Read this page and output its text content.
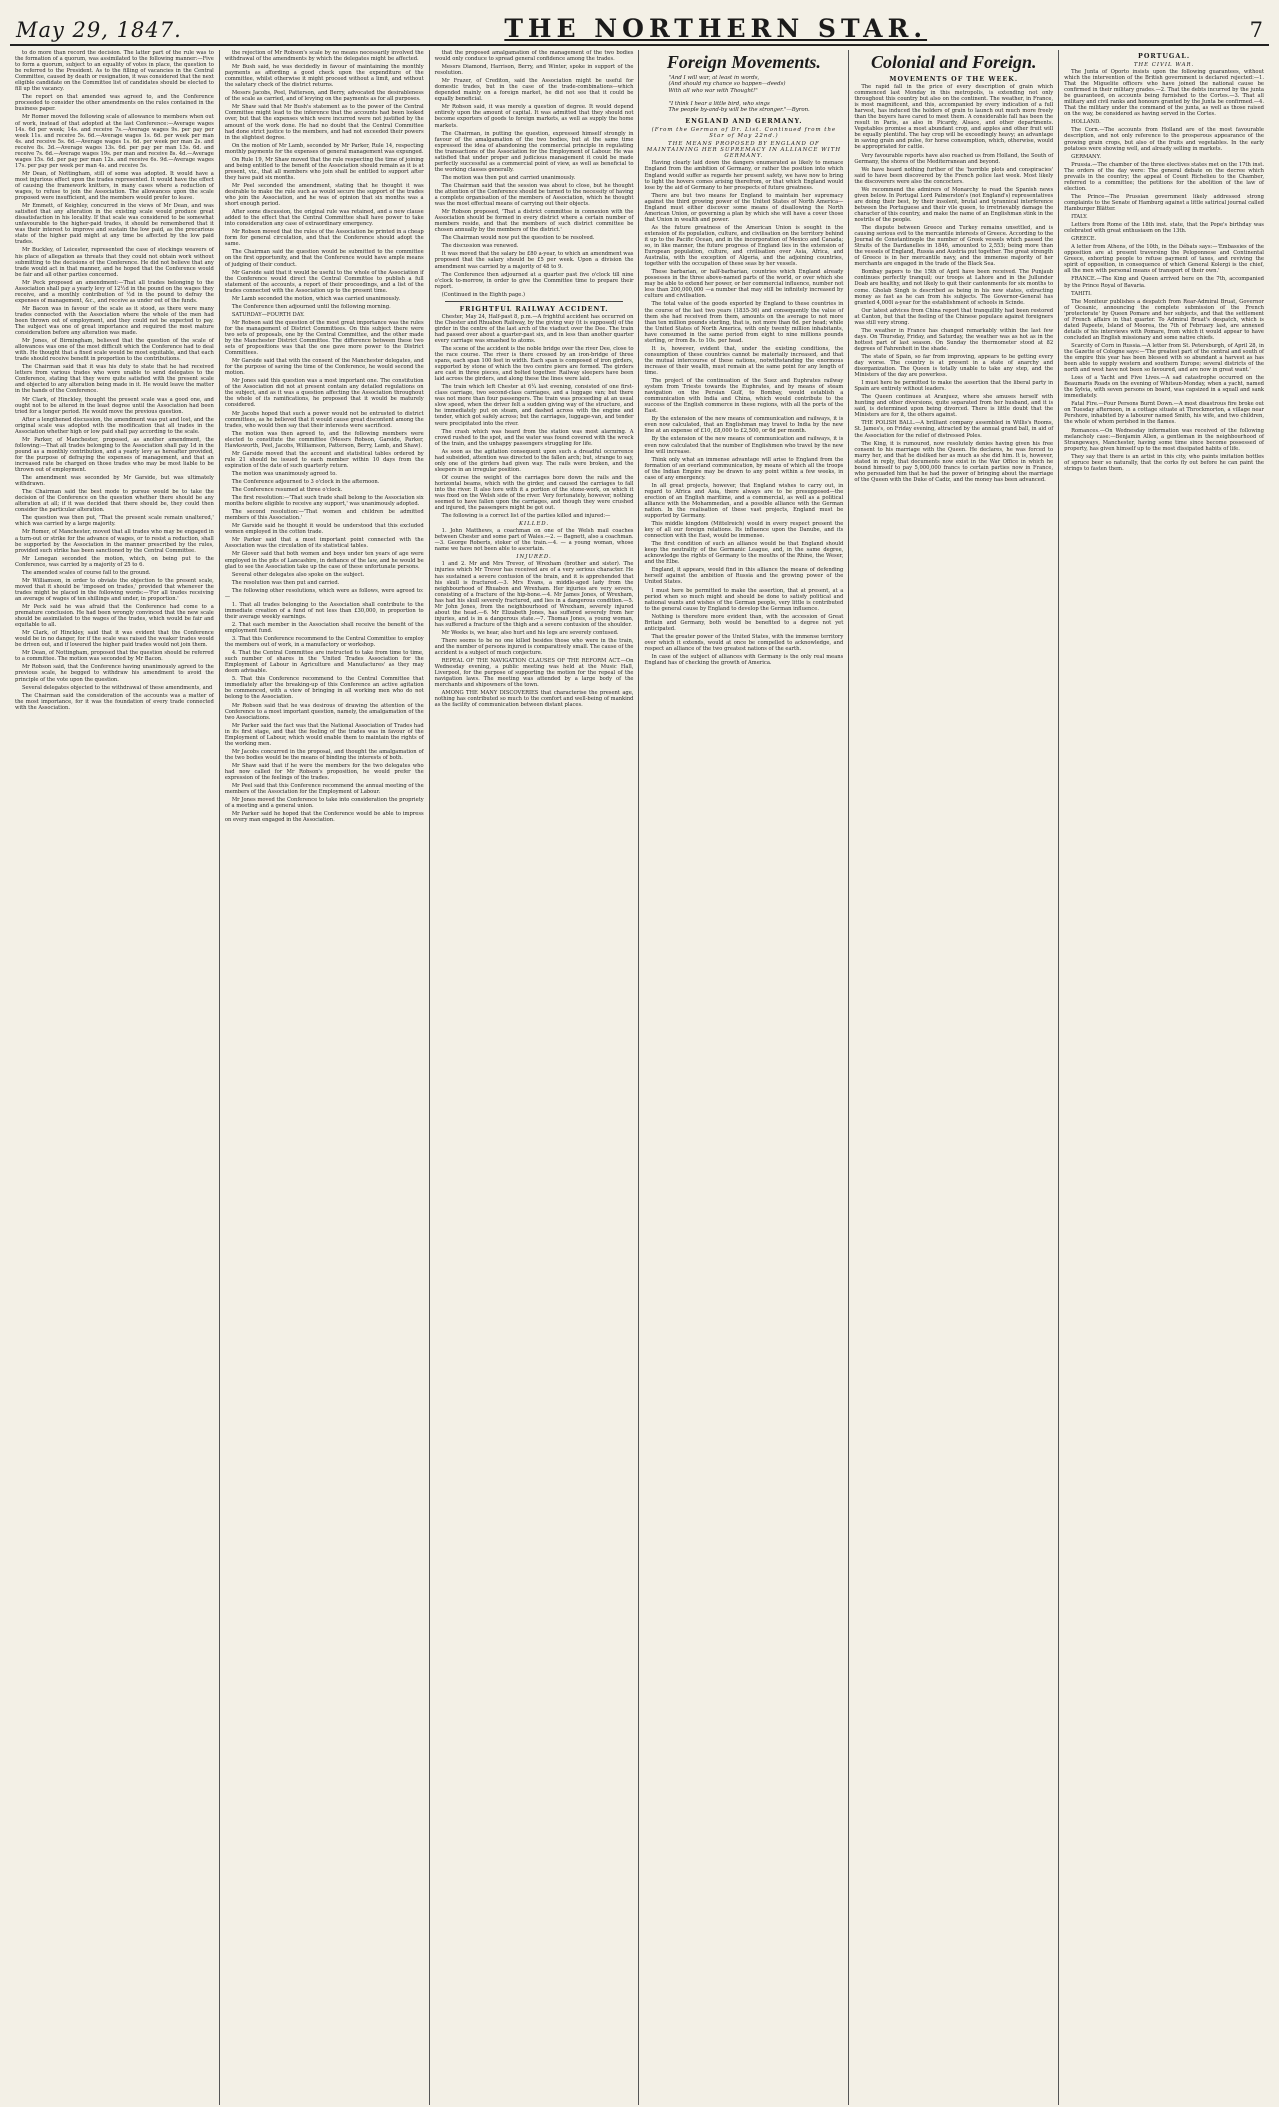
May 29, 1847.	THE NORTHERN STAR.	7

to do more than record the decision. The latter part of the rule was to the formation of a quorum, was assimilated to the following manner:—Five to form a quorum, subject to an equality of votes in place, the question to be referred to the President. As to the filling of vacancies in the Central Committee, caused by death or resignation, it was considered that the next eligible candidate on the Committee list of candidates should be elected to fill up the vacancy.

The report on that amended was agreed to, and the Conference proceeded to consider the other amendments on the rules contained in the business paper.

Mr Romer moved the following scale of allowance to members when out of work, instead of that adopted at the last Conference:—Average wages 14s. 6d per week; 14s. and receive 7s.—Average wages 9s. per pay per week 11s. and receive 5s. 6d.—Average wages 1s. 6d. per week per man 4s. and receive 5s. 6d.—Average wages 1s. 6d. per week per man 2s. and receive 8s. 3d.—Average wages 13s. 6d. per pay per man 13s. 6d. and receive 7s. 6d.—Average wages 19s. per man and receive 8s. 4d.—Average wages 15s. 6d. per pay per man 12s. and receive 6s. 9d.—Average wages 17s. per pay per week per man 4s. and receive 5s.

Mr Dean, of Nottingham, still of some was adopted. It would have a most injurious effect upon the trades represented. It would have the effect of causing the framework knitters, in many cases where a reduction of wages, to refuse to join the Association. The allowances upon the scale proposed were insufficient, and the members would prefer to leave.

Mr Emmett, of Keighley, concurred in the views of Mr Dean, and was satisfied that any alteration in the existing scale would produce great dissatisfaction in his locality. If that scale was considered to be somewhat unfavourable to the higher-paid trades, it should be remembered that it was their interest to improve and sustain the low paid, as the precarious state of the higher paid might at any time be affected by the low paid trades.

Mr Buckley, of Leicester, represented the case of stockings weavers of his place of allegation as threats that they could not obtain work without submitting to the decisions of the Conference. He did not believe that any trade would act in that manner, and he hoped that the Conference would be fair and all other parties concerned.

Mr Peck proposed an amendment:—That all trades belonging to the Association shall pay a yearly levy of 12½d in the pound on the wages they receive, and a monthly contribution of ½d in the pound to defray the expenses of management, &c., and receive as under out of the funds.

Mr Bacon was in favour of the scale as it stood, as there were many trades connected with the Association where the whole of the men had been thrown out of employment, and they could not be expected to pay. The subject was one of great importance and required the most mature consideration before any alteration was made.

Mr Jones, of Birmingham, believed that the question of the scale of allowances was one of the most difficult which the Conference had to deal with. He thought that a fixed scale would be most equitable, and that each trade should receive benefit in proportion to the contributions.

The Chairman said that it was his duty to state that he had received letters from various trades who were unable to send delegates to the Conference, stating that they were quite satisfied with the present scale and objected to any alteration being made in it. He would leave the matter in the hands of the Conference.

Mr Clark, of Hinckley, thought the present scale was a good one, and ought not to be altered in the least degree until the Association had been tried for a longer period. He would move the previous question.

After a lengthened discussion, the amendment was put and lost, and the original scale was adopted with the modification that all trades in the Association whether high or low paid shall pay according to the scale.

Mr Parker, of Manchester, proposed, as another amendment, the following:—That all trades belonging to the Association shall pay 1d in the pound as a monthly contribution, and a yearly levy as hereafter provided, for the purpose of defraying the expenses of management, and that an increased rate be charged on those trades who may be most liable to be thrown out of employment.

The amendment was seconded by Mr Garside, but was ultimately withdrawn.

The Chairman said the best mode to pursue would be to take the decision of the Conference on the question whether there should be any alteration at all; if it was decided that there should be, they could then consider the particular alteration.

The question was then put, 'That the present scale remain unaltered,' which was carried by a large majority.

Mr Romer, of Manchester, moved that all trades who may be engaged in a turn-out or strike for the advance of wages, or to resist a reduction, shall be supported by the Association in the manner prescribed by the rules, provided such strike has been sanctioned by the Central Committee.

Mr Lenegan seconded the motion, which, on being put to the Conference, was carried by a majority of 25 to 6.

The amended scales of course fall to the ground.

Mr Williamson, in order to obviate the objection to the present scale, moved that it should be 'imposed on trades,' provided that whenever the trades might be placed in the following words:—'For all trades receiving an average of wages of ten shillings and under, in proportion.'

Mr Peck said he was afraid that the Conference had come to a premature conclusion. He had been wrongly convinced that the new scale should be assimilated to the wages of the trades, which would be fair and equitable to all.

Mr Clark, of Hinckley, said that it was evident that the Conference would be in no danger, for if the scale was raised the weaker trades would be driven out, and if lowered the higher paid trades would not join them.

Mr Dean, of Nottingham, proposed that the question should be referred to a committee. The motion was seconded by Mr Bacon.

Mr Robson said, that the Conference having unanimously agreed to the previous scale, he begged to withdraw his amendment to avoid the principle of the vote upon the question.

Several delegates objected to the withdrawal of these amendments, and

The Chairman said the consideration of the accounts was a matter of the most importance, for it was the foundation of every trade connected with the Association.

the rejection of Mr Robson's scale by no means necessarily involved the withdrawal of the amendments by which the delegates might be affected.

Mr Bush said, he was decidedly in favour of maintaining the monthly payments as affording a good check upon the expenditure of the committee, whilst otherwise it might proceed without a limit, and without the salutary check of the district returns.

Messrs Jacobs, Peel, Patterson, and Berry, advocated the desirableness of the scale as carried, and of levying on the payments as for all purposes.

Mr Shaw said that Mr Bush's statement as to the power of the Central Committee might lead to the inference that the accounts had been looked over, but that the expenses which were incurred were not justified by the amount of the work done. He had no doubt that the Central Committee had done strict justice to the members, and had not exceeded their powers in the slightest degree.

On the motion of Mr Lamb, seconded by Mr Parker, Rule 14, respecting monthly payments for the expenses of general management was expunged.

On Rule 19, Mr Shaw moved that the rule respecting the time of joining and being entitled to the benefit of the Association should remain as it is at present, viz., that all members who join shall be entitled to support after they have paid six months.

Mr Peel seconded the amendment, stating that he thought it was desirable to make the rule such as would secure the support of the trades who join the Association, and he was of opinion that six months was a short enough period.

After some discussion, the original rule was retained, and a new clause added to the effect that the Central Committee shall have power to take into consideration any case of extraordinary emergency.

Mr Robson moved that the rules of the Association be printed in a cheap form for general circulation, and that the Conference should adopt the same.

The Chairman said the question would be submitted to the committee on the first opportunity, and that the Conference would have ample means of judging of their conduct.

Mr Garside said that it would be useful to the whole of the Association if the Conference would direct the Central Committee to publish a full statement of the accounts, a report of their proceedings, and a list of the trades connected with the Association up to the present time.

Mr Lamb seconded the motion, which was carried unanimously.

The Conference then adjourned until the following morning.

SATURDAY—FOURTH DAY.

Mr Robson said the question of the most great importance was the rules for the management of District Committees. On this subject there were two sets of proposals, one by the Central Committee, and the other made by the Manchester District Committee. The difference between these two sets of propositions was that the one gave more power to the District Committees.

Mr Garside said that with the consent of the Manchester delegates, and for the purpose of saving the time of the Conference, he would second the motion.

Mr Jones said this question was a most important one. The constitution of the Association did not at present contain any detailed regulations on the subject, and as it was a question affecting the Association throughout the whole of its ramifications, he proposed that it would be maturely considered.

Mr Jacobs hoped that such a power would not be entrusted to district committees, as he believed that it would cause great discontent among the trades, who would then say that their interests were sacrificed.

The motion was then agreed to, and the following members were elected to constitute the committee (Messrs Robson, Garside, Parker, Hawksworth, Peel, Jacobs, Williamson, Patterson, Berry, Lamb, and Shaw).

Mr Garside moved that the account and statistical tables ordered by rule 21 should be issued to each member within 10 days from the expiration of the date of such quarterly return.

The motion was unanimously agreed to.

The Conference adjourned to 3 o'clock in the afternoon.

The Conference resumed at three o'clock.

The first resolution:—'That such trade shall belong to the Association six months before eligible to receive any support,' was unanimously adopted.

The second resolution:—'That women and children be admitted members of this Association.'

Mr Garside said he thought it would be understood that this excluded women employed in the cotton trade.

Mr Parker said that a most important point connected with the Association was the circulation of its statistical tables.

Mr Glover said that both women and boys under ten years of age were employed in the pits of Lancashire, in defiance of the law, and he would be glad to see the Association take up the case of these unfortunate persons.

Several other delegates also spoke on the subject.

The resolution was then put and carried.

The following other resolutions, which were as follows, were agreed to:—

1. That all trades belonging to the Association shall contribute to the immediate creation of a fund of not less than £30,000, in proportion to their average weekly earnings.

2. That each member in the Association shall receive the benefit of the employment fund.

3. That this Conference recommend to the Central Committee to employ the members out of work, in a manufactory or workshop.

4. That the Central Committee are instructed to take from time to time, such number of shares in the 'United Trades Association for the Employment of Labour in Agriculture and Manufactures' as they may deem advisable.

5. That this Conference recommend to the Central Committee that immediately after the breaking-up of this Conference an active agitation be commenced, with a view of bringing in all working men who do not belong to the Association.

Mr Robson said that he was desirous of drawing the attention of the Conference to a most important question, namely, the amalgamation of the two Associations.

Mr Parker said the fact was that the National Association of Trades had in its first stage, and that the feeling of the trades was in favour of the Employment of Labour, which would enable them to maintain the rights of the working men.

Mr Jacobs concurred in the proposal, and thought the amalgamation of the two bodies would be the means of binding the interests of both.

Mr Shaw said that if he were the members for the two delegates who had now called for Mr Robson's proposition, he would prefer the expression of the feelings of the trades.

Mr Peel said that this Conference recommend the annual meeting of the members of the Association for the Employment of Labour.

Mr Jones moved the Conference to take into consideration the propriety of a meeting and a general union.

Mr Parker said he hoped that the Conference would be able to impress on every man engaged in the Association.

that the proposed amalgamation of the management of the two bodies would only conduce to spread general confidence among the trades.

Messrs Diamond, Harrison, Berry, and Winter, spoke in support of the resolution.

Mr Frazer, of Crediton, said the Association might be useful for domestic trades, but in the case of the trade-combinations—which depended mainly on a foreign market, he did not see that it could be equally beneficial.

Mr Robson said, it was merely a question of degree. It would depend entirely upon the amount of capital. It was admitted that they should not become exporters of goods to foreign markets, as well as supply the home markets.

The Chairman, in putting the question, expressed himself strongly in favour of the amalgamation of the two bodies, but at the same time expressed the idea of abandoning the commercial principle in regulating the transactions of the Association for the Employment of Labour. He was satisfied that under proper and judicious management it could be made perfectly successful as a commercial point of view, as well as beneficial to the working classes generally.

The motion was then put and carried unanimously.

The Chairman said that the session was about to close, but he thought the attention of the Conference should be turned to the necessity of having a complete organisation of the members of Association, which he thought was the most effectual means of carrying out their objects.

Mr Robson proposed, 'That a district committee in connexion with the Association should be formed in every district where a certain number of members reside, and that the members of such district committee be chosen annually by the members of the district.'

The Chairman would now put the question to be resolved.

The discussion was renewed.

It was moved that the salary be £80 a-year, to which an amendment was proposed that the salary should be £5 per week. Upon a division the amendment was carried by a majority of 48 to 9.

The Conference then adjourned at a quarter past five o'clock till nine o'clock to-morrow, in order to give the Committee time to prepare their report.

(Continued in the Eighth page.)

FRIGHTFUL RAILWAY ACCIDENT.

Chester, May 24, Half-past 8, p.m.—A frightful accident has occurred on the Chester and Rhuabon Railway, by the giving way (it is supposed) of the girder in the centre of the last arch of the viaduct over the Dee. The train had passed over about a quarter-past six, and in less than another quarter every carriage was smashed to atoms.

The scene of the accident is the noble bridge over the river Dee, close to the race course. The river is there crossed by an iron-bridge of three spans, each span 100 feet in width. Each span is composed of iron girders, supported by stone of which the two centre piers are formed. The girders are cast in three pieces, and bolted together. Railway sleepers have been laid across the girders, and along these the lines were laid.

The train which left Chester at 6¼ last evening, consisted of one first-class carriage, two second-class carriages, and a luggage van; but there was not more than four passengers. The train was proceeding at an usual slow speed, when the driver felt a sudden giving way of the structure, and he immediately put on steam, and dashed across with the engine and tender, which got safely across; but the carriages, luggage-van, and tender were precipitated into the river.

The crash which was heard from the station was most alarming. A crowd rushed to the spot, and the water was found covered with the wreck of the train, and the unhappy passengers struggling for life.

As soon as the agitation consequent upon such a dreadful occurrence had subsided, attention was directed to the fallen arch; but, strange to say, only one of the girders had given way. The rails were broken, and the sleepers in an irregular position.

Of course the weight of the carriages bore down the rails and the horizontal beams, which with the girder, and caused the carriages to fall into the river. It also tore with it a portion of the stone-work, on which it was fixed on the Welsh side of the river. Very fortunately, however, nothing seemed to have fallen upon the carriages, and though they were crushed and injured, the passengers might be got out.

The following is a correct list of the parties killed and injured:—

KILLED.

1. John Matthews, a coachman on one of the Welsh mail coaches between Chester and some part of Wales.—2. — Bagnett, also a coachman.—3. George Roberts, stoker of the train.—4. — a young woman, whose name we have not been able to ascertain.

INJURED.

1 and 2. Mr and Mrs Trevor, of Wrexham (brother and sister). The injuries which Mr Trevor has received are of a very serious character. He has sustained a severe contusion of the brain, and it is apprehended that his skull is fractured.—3. Mrs Evans, a middle-aged lady from the neighbourhood of Rhuabon and Wrexham. Her injuries are very severe, consisting of a fracture of the hip-bone.—4. Mr James Jones, of Wrexham, has had his skull severely fractured, and lies in a dangerous condition.—5. Mr John Jones, from the neighbourhood of Wrexham, severely injured about the head.—6. Mr Elizabeth Jones, has suffered severely from her injuries, and is in a dangerous state.—7. Thomas Jones, a young woman, has suffered a fracture of the thigh and a severe contusion of the shoulder.

Mr Weeks is, we hear, also hurt and his legs are severely contused.

There seems to be no one killed besides those who were in the train, and the number of persons injured is comparatively small. The cause of the accident is a subject of much conjecture.

REPEAL OF THE NAVIGATION CLAUSES OF THE REFORM ACT.—On Wednesday evening, a public meeting was held at the Music Hall, Liverpool, for the purpose of supporting the motion for the repeal of the navigation laws. The meeting was attended by a large body of the merchants and shipowners of the town.

AMONG THE MANY DISCOVERIES that characterise the present age, nothing has contributed so much to the comfort and well-being of mankind as the facility of communication between distant places.

Foreign Movements.
"And I will war, at least in words,
(And should my chance so happen—deeds)
With all who war with Thought!"

"I think I hear a little bird, who sings
The people by-and-by will be the stronger."—Byron.
ENGLAND AND GERMANY.
(From the German of Dr. List. Continued from the Star of May 22nd.)
THE MEANS PROPOSED BY ENGLAND OF MAINTAINING HER SUPREMACY IN ALLIANCE WITH GERMANY.

Having clearly laid down the dangers enumerated as likely to menace England from the ambition of Germany, or rather the position into which England would suffer as regards her present safety, we have now to bring to light the hovers comes arising therefrom, or that which England would lose by the aid of Germany to her prospects of future greatness.

There are but two means for England to maintain her supremacy against the third growing power of the United States of North America—England must either discover some means of disallowing the North American Union, or governing a plan by which she will have a cover those that Union in wealth and power.

As the future greatness of the American Union is sought in the extension of its population, culture, and civilisation on the territory behind it up to the Pacific Ocean, and in the incorporation of Mexico and Canada; so, in like manner, the future progress of England lies in the extension of European population, culture, and civilisation over Asia, Africa, and Australia, with the exception of Algeria, and the adjoining countries, together with the occupation of these seas by her vessels.

These barbarian, or half-barbarian, countries which England already possesses in the three above-named parts of the world, or over which she may be able to extend her power, or her commercial influence, number not less than 200,000,000 —a number that may still be infinitely increased by culture and civilisation.

The total value of the goods exported by England to these countries in the course of the last two years (1835-36) and consequently the value of them she had received from them, amounts on the average to not more than ten million pounds sterling, that is, not more than 6d. per head; while the United States of North America, with only twenty million inhabitants, have consumed in the same period from eight to nine millions pounds sterling, or from 8s. to 10s. per head.

It is, however, evident that, under the existing conditions, the consumption of these countries cannot be materially increased, and that the mutual intercourse of these nations, notwithstanding the enormous increase of their wealth, must remain at the same point for any length of time.

The project of the continuation of the Suez and Euphrates railway system from Trieste towards the Euphrates, and by means of steam navigation on the Persian Gulf, to Bombay, would establish a communication with India and China, which would contribute to the success of the English commerce in these regions, with all the ports of the East.

By the extension of the new means of communication and railways, it is even now calculated, that an Englishman may travel to India by the new line at an expense of £10, £8,000 to £2,500, or 6d per month.

By the extension of the new means of communication and railways, it is even now calculated that the number of Englishmen who travel by the new line will increase.

Think only what an immense advantage will arise to England from the formation of an overland communication, by means of which all the troops of the Indian Empire may be drawn to any point within a few weeks, in case of any emergency.

In all great projects, however, that England wishes to carry out, in regard to Africa and Asia, there always are to be presupposed—the erection of an English maritime, and a commercial, as well as a political alliance with the Mohammedan, and a possible alliance with the German nation. In the realisation of these vast projects, England must be supported by Germany.

This middle kingdom (Mittelreich) would in every respect present the key of all our foreign relations. Its influence upon the Danube, and its connection with the East, would be immense.

The first condition of such an alliance would be that England should keep the neutrality of the Germanic League, and, in the same degree, acknowledge the rights of Germany to the mouths of the Rhine, the Weser, and the Elbe.

England, it appears, would find in this alliance the means of defending herself against the ambition of Russia and the growing power of the United States.

I must here be permitted to make the assertion, that at present, at a period when so much might and should be done to satisfy political and national wants and wishes of the German people, very little is contributed to the general cause by England to develop the German influence.

Nothing is therefore more evident than, with the accession of Great Britain and Germany, both would be benefited to a degree not yet anticipated.

That the greater power of the United States, with the immense territory over which it extends, would at once be compelled to acknowledge, and respect an alliance of the two greatest nations of the earth.

In case of the subject of alliances with Germany is the only real means England has of checking the growth of America.

Colonial and Foreign.
MOVEMENTS OF THE WEEK.

The rapid fall in the price of every description of grain which commenced last Monday in this metropolis, is extending not only throughout this country but also on the continent. The weather, in France, is most magnificent, and this, accompanied by every indication of a full harvest, has induced the holders of grain to launch out much more freely than the buyers have cared to meet them. A considerable fall has been the result in Paris, as also in Picardy, Alsace, and other departments. Vegetables promise a most abundant crop, and apples and other fruit will be equally plentiful. The hay crop will be exceedingly heavy; an advantage in saving grain and pulse, for horse consumption, which, otherwise, would be appropriated for cattle.

Very favourable reports have also reached us from Holland, the South of Germany, the shores of the Mediterranean and beyond.

We have heard nothing further of the 'horrible plots and conspiracies' said to have been discovered by the French police last week. Most likely the discoverers were also the concocters.

We recommend the admirers of Monarchy to read the Spanish news given below. In Portugal Lord Palmerston's (not England's) representatives are doing their best, by their insolent, brutal and tyrannical interference between the Portuguese and their vile queen, to irretrievably damage the character of this country, and make the name of an Englishman stink in the nostrils of the people.

The dispute between Greece and Turkey remains unsettled, and is causing serious evil to the mercantile interests of Greece. According to the Journal de Constantinople the number of Greek vessels which passed the Straits of the Dardanelles in 1846, amounted to 2,553; being more than the vessels of England, Russia and Austria put together. The great strength of Greece is in her mercantile navy, and the immense majority of her merchants are engaged in the trade of the Black Sea.

Bombay papers to the 15th of April have been received. The Punjaub continues perfectly tranquil; our troops at Lahore and in the Jullunder Doab are healthy, and not likely to quit their cantonments for six months to come. Gholab Singh is described as being in his new states, extracting money as fast as he can from his subjects. The Governor-General has granted 4,000l a-year for the establishment of schools in Scinde.

Our latest advices from China report that tranquillity had been restored at Canton, but that the feeling of the Chinese populace against foreigners was still very strong.

The weather in France has changed remarkably within the last few days. On Thursday, Friday, and Saturday, the weather was as hot as in the hottest part of last season. On Sunday the thermometer stood at 82 degrees of Fahrenheit in the shade.

The state of Spain, so far from improving, appears to be getting every day worse. The country is at present in a state of anarchy and disorganization. The Queen is totally unable to take any step, and the Ministers of the day are powerless.

I must here be permitted to make the assertion that the liberal party in Spain are entirely without leaders.

The Queen continues at Aranjuez, where she amuses herself with hunting and other diversions, quite separated from her husband, and it is said, is determined upon being divorced. There is little doubt that the Ministers are for it, the others against.

THE POLISH BALL.—A brilliant company assembled in Willis's Rooms, St. James's, on Friday evening, attracted by the annual grand ball, in aid of the Association for the relief of distressed Poles.

The King, it is rumoured, now resolutely denies having given his free consent to his marriage with the Queen. He declares, he was forced to marry her, and that he disliked her as much as she did him. It is, however, stated in reply, that documents now exist in the War Office in which he bound himself to pay 5,000,000 francs to certain parties now in France, who persuaded him that he had the power of bringing about the marriage of the Queen with the Duke of Cadiz, and the money has been advanced.

PORTUGAL.
THE CIVIL WAR.

The Junta of Oporto insists upon the following guarantees, without which the intervention of the British government is declared rejected:—1. That the Miguelite officers who have joined the national cause be confirmed in their military grades.—2. That the debts incurred by the junta be guaranteed, on accounts being furnished to the Cortes.—3. That all military and civil ranks and honours granted by the Junta be confirmed.—4. That the military under the command of the junta, as well as those raised on the way, be considered as having served in the Cortes.

HOLLAND.

The Corn.—The accounts from Holland are of the most favourable description, and not only reference to the prosperous appearance of the growing grain crops, but also of the fruits and vegetables. In the early potatoes were showing well, and already selling in markets.

GERMANY.

Prussia.—The chamber of the three electives states met on the 17th inst. The orders of the day were: The general debate on the decree which prevails in the country; the appeal of Count Richelieu to the Chamber, referred to a committee; the petitions for the abolition of the law of election.

The Prince—The Prussian government likely addressed strong complaints to the Senate of Hamburg against a little satirical journal called Hamburger Blätter.

ITALY.

Letters from Rome of the 18th inst. state, that the Pope's birthday was celebrated with great enthusiasm on the 13th.

GREECE.

A letter from Athens, of the 10th, in the Débats says:—'Embassies of the opposition are at present traversing the Peloponnese and Continental Greece, exhorting people to refuse payment of taxes, and reviving the spirit of opposition, in consequence of which General Kolergi is the chief, all the men with personal means of transport of their own.'

FRANCE.—The King and Queen arrived here on the 7th, accompanied by the Prince Royal of Bavaria.

TAHITI.

The Moniteur publishes a despatch from Rear-Admiral Bruat, Governor of Oceanic, announcing the complete submission of the French 'protectorate' by Queen Pomare and her subjects, and that the settlement of French affairs in that quarter. To Admiral Bruat's despatch, which is dated Papeete, Island of Moorea, the 7th of February last, are annexed details of his interviews with Pomare, from which it would appear to have concluded an English missionary and some native chiefs.

Scarcity of Corn in Russia.—A letter from St. Petersburgh, of April 28, in the Gazette of Cologne says:—'The greatest part of the central and south of the empire this year has been blessed with so abundant a harvest as has been able to supply western and southern Europe; several districts of the north and west have not been so favoured, and are now in great want.'

Loss of a Yacht and Five Lives.—A sad catastrophe occurred on the Beaumaris Roads on the evening of Whitsun-Monday, when a yacht, named the Sylvia, with seven persons on board, was capsized in a squall and sank immediately.

Fatal Fire.—Four Persons Burnt Down.—A most disastrous fire broke out on Tuesday afternoon, in a cottage situate at Throckmorton, a village near Pershore, inhabited by a labourer named Smith, his wife, and two children, the whole of whom perished in the flames.

Romances.—On Wednesday information was received of the following melancholy case:—Benjamin Allen, a gentleman in the neighbourhood of Strangeways, Manchester, having some time since become possessed of property, has given himself up to the most dissipated habits of life.

They say that there is an artist in this city, who paints imitation bottles of spruce beer so naturally, that the corks fly out before he can paint the strings to fasten them.
